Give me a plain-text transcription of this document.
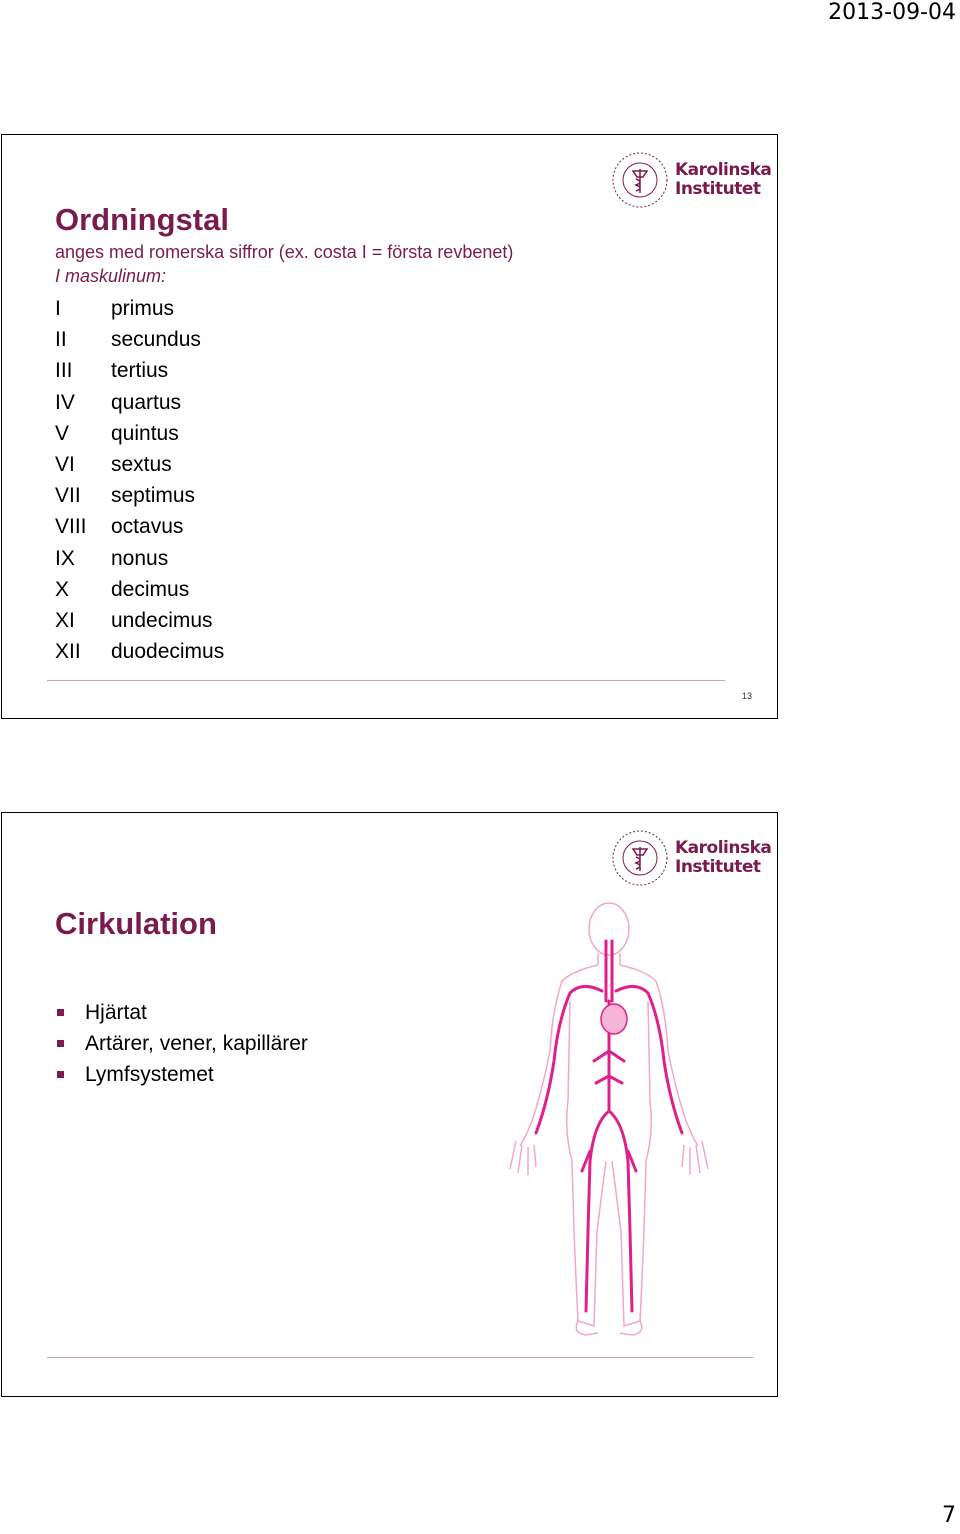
2013-09-04
Karolinska
Institutet
Ordningstal
anges med romerska siffror (ex. costa I = första revbenet)
I maskulinum:
I primus
II secundus
III tertius
IV quartus
V quintus
VI sextus
VII septimus
VIII octavus
IX nonus
X decimus
XI undecimus
XII duodecimus
13
Karolinska
Institutet
Cirkulation
Hjärtat
Artärer, vener, kapillärer
Lymfsystemet
7
